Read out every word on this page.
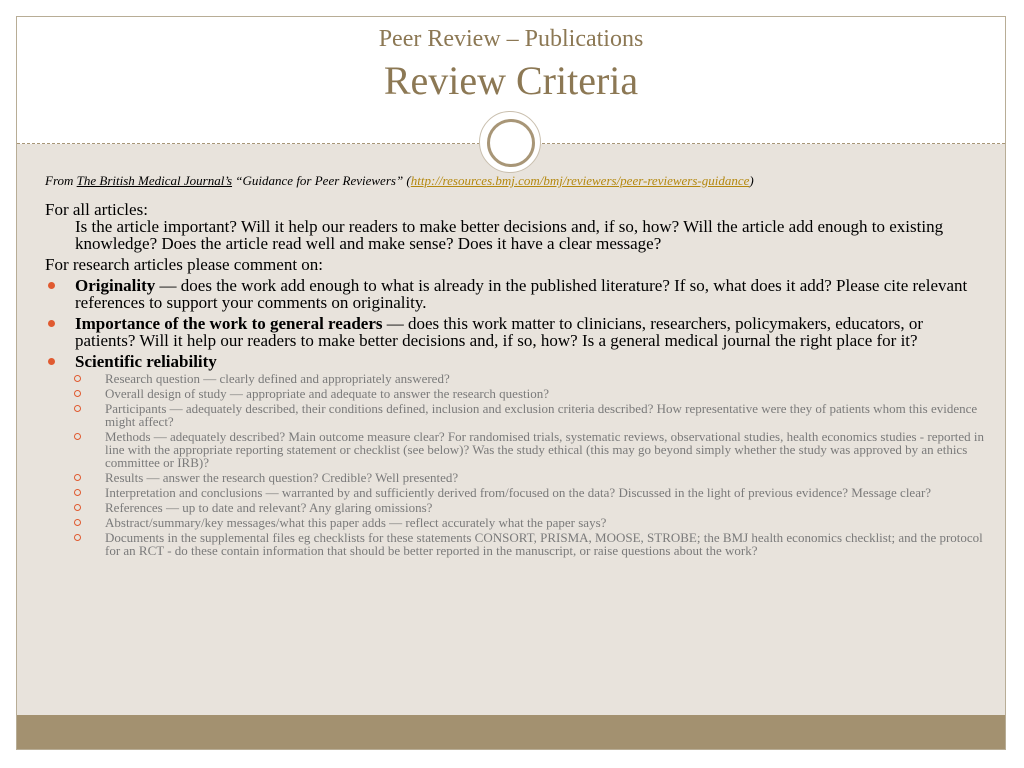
Peer Review – Publications
Review Criteria

From The British Medical Journal’s “Guidance for Peer Reviewers” (http://resources.bmj.com/bmj/reviewers/peer-reviewers-guidance)

For all articles:

Is the article important? Will it help our readers to make better decisions and, if so, how? Will the article add enough to existing knowledge? Does the article read well and make sense? Does it have a clear message?

For research articles please comment on:

Originality — does the work add enough to what is already in the published literature? If so, what does it add? Please cite relevant references to support your comments on originality.
Importance of the work to general readers — does this work matter to clinicians, researchers, policymakers, educators, or patients? Will it help our readers to make better decisions and, if so, how? Is a general medical journal the right place for it?
Scientific reliability
Research question — clearly defined and appropriately answered?
Overall design of study — appropriate and adequate to answer the research question?
Participants — adequately described, their conditions defined, inclusion and exclusion criteria described? How representative were they of patients whom this evidence might affect?
Methods — adequately described? Main outcome measure clear? For randomised trials, systematic reviews, observational studies, health economics studies - reported in line with the appropriate reporting statement or checklist (see below)? Was the study ethical (this may go beyond simply whether the study was approved by an ethics committee or IRB)?
Results — answer the research question? Credible? Well presented?
Interpretation and conclusions — warranted by and sufficiently derived from/focused on the data? Discussed in the light of previous evidence? Message clear?
References — up to date and relevant? Any glaring omissions?
Abstract/summary/key messages/what this paper adds — reflect accurately what the paper says?
Documents in the supplemental files eg checklists for these statements CONSORT, PRISMA, MOOSE, STROBE; the BMJ health economics checklist; and the protocol for an RCT - do these contain information that should be better reported in the manuscript, or raise questions about the work?
